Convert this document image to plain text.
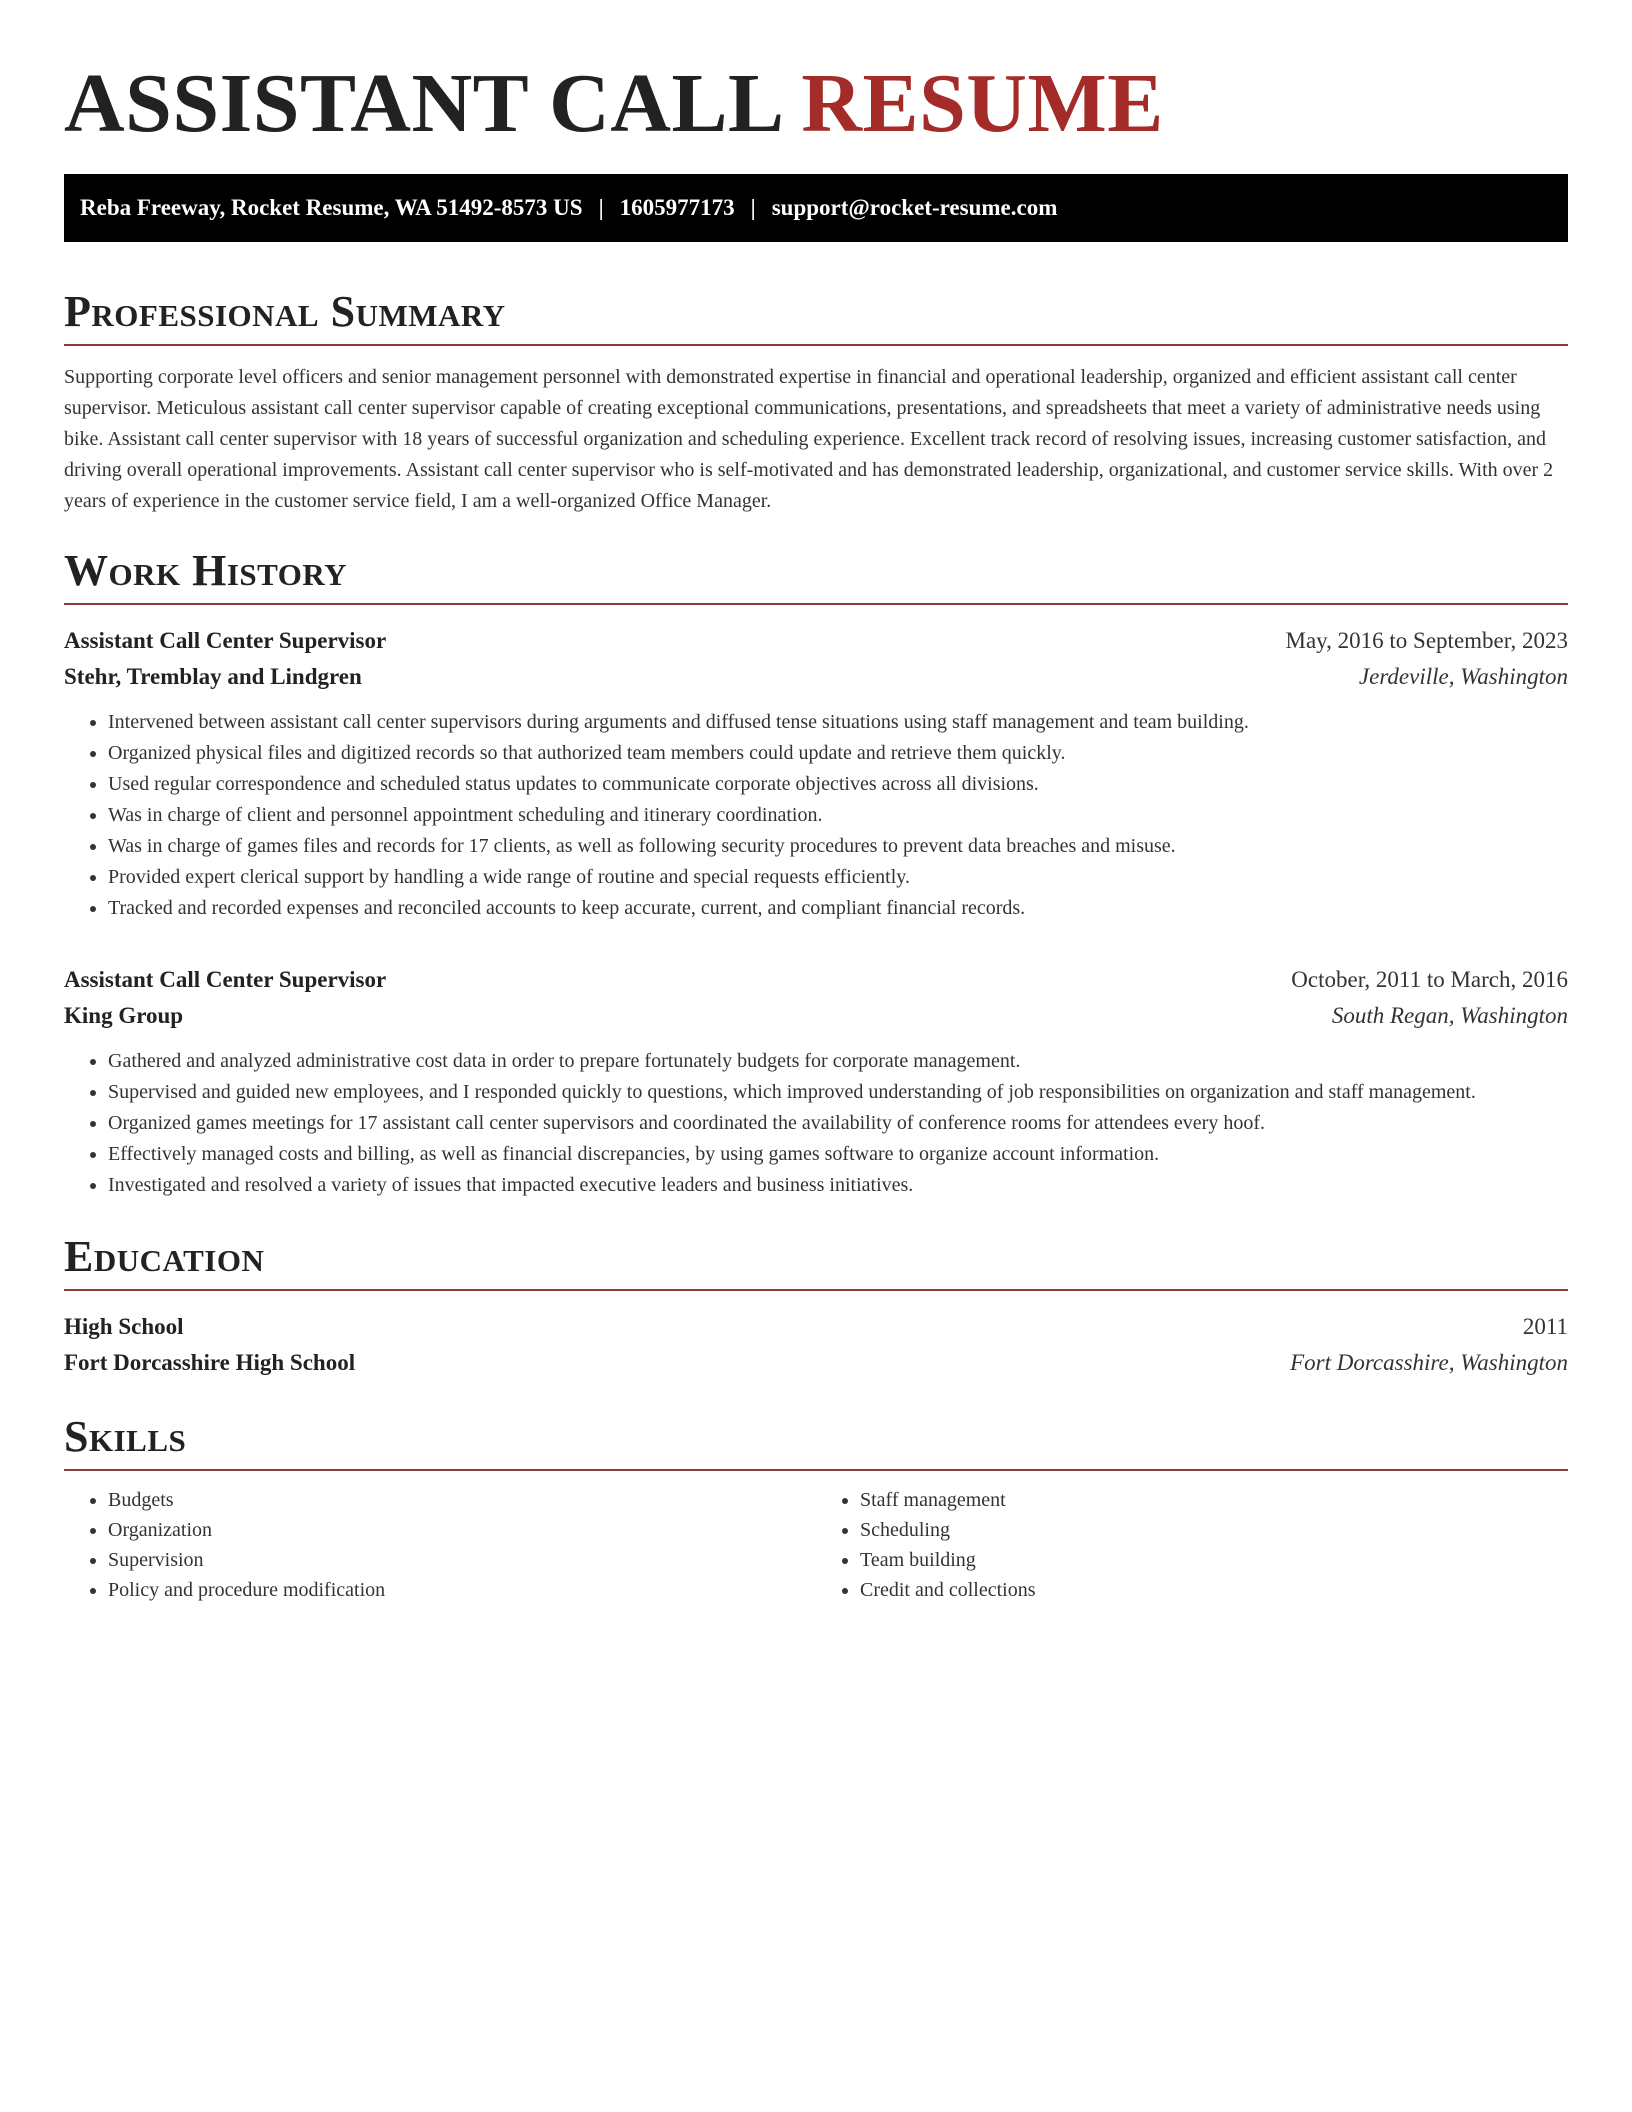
ASSISTANT CALL RESUME
Reba Freeway, Rocket Resume, WA 51492-8573 US | 1605977173 | support@rocket-resume.com
Professional Summary

Supporting corporate level officers and senior management personnel with demonstrated expertise in financial and operational leadership, organized and efficient assistant call center supervisor. Meticulous assistant call center supervisor capable of creating exceptional communications, presentations, and spreadsheets that meet a variety of administrative needs using bike. Assistant call center supervisor with 18 years of successful organization and scheduling experience. Excellent track record of resolving issues, increasing customer satisfaction, and driving overall operational improvements. Assistant call center supervisor who is self-motivated and has demonstrated leadership, organizational, and customer service skills. With over 2 years of experience in the customer service field, I am a well-organized Office Manager.

Work History
Assistant Call Center Supervisor	May, 2016 to September, 2023
Stehr, Tremblay and Lindgren	Jerdeville, Washington
• Intervened between assistant call center supervisors during arguments and diffused tense situations using staff management and team building.
• Organized physical files and digitized records so that authorized team members could update and retrieve them quickly.
• Used regular correspondence and scheduled status updates to communicate corporate objectives across all divisions.
• Was in charge of client and personnel appointment scheduling and itinerary coordination.
• Was in charge of games files and records for 17 clients, as well as following security procedures to prevent data breaches and misuse.
• Provided expert clerical support by handling a wide range of routine and special requests efficiently.
• Tracked and recorded expenses and reconciled accounts to keep accurate, current, and compliant financial records.
Assistant Call Center Supervisor	October, 2011 to March, 2016
King Group	South Regan, Washington
• Gathered and analyzed administrative cost data in order to prepare fortunately budgets for corporate management.
• Supervised and guided new employees, and I responded quickly to questions, which improved understanding of job responsibilities on organization and staff management.
• Organized games meetings for 17 assistant call center supervisors and coordinated the availability of conference rooms for attendees every hoof.
• Effectively managed costs and billing, as well as financial discrepancies, by using games software to organize account information.
• Investigated and resolved a variety of issues that impacted executive leaders and business initiatives.
Education
High School	2011
Fort Dorcasshire High School	Fort Dorcasshire, Washington
Skills
• Budgets
• Organization
• Supervision
• Policy and procedure modification
• Staff management
• Scheduling
• Team building
• Credit and collections
